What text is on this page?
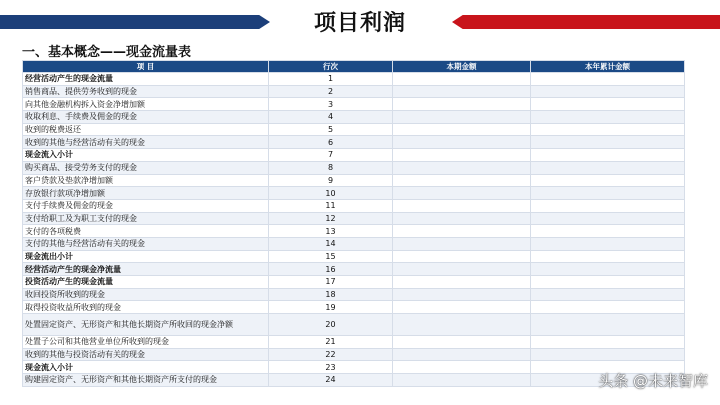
项目利润
一、基本概念——现金流量表
项 目	行次	本期金额	本年累计金额
经营活动产生的现金流量	1		
销售商品、提供劳务收到的现金	2		
向其他金融机构拆入资金净增加额	3		
收取利息、手续费及佣金的现金	4		
收到的税费返还	5		
收到的其他与经营活动有关的现金	6		
现金流入小计	7		
购买商品、接受劳务支付的现金	8		
客户贷款及垫款净增加额	9		
存放银行款项净增加额	10		
支付手续费及佣金的现金	11		
支付给职工及为职工支付的现金	12		
支付的各项税费	13		
支付的其他与经营活动有关的现金	14		
现金流出小计	15		
经营活动产生的现金净流量	16		
投资活动产生的现金流量	17		
收回投资所收到的现金	18		
取得投资收益所收到的现金	19		
处置固定资产、无形资产和其他长期资产所收回的现金净额	20		
处置子公司和其他营业单位所收到的现金	21		
收到的其他与投资活动有关的现金	22		
现金流入小计	23		
购建固定资产、无形资产和其他长期资产所支付的现金	24			头条 @未来智库
